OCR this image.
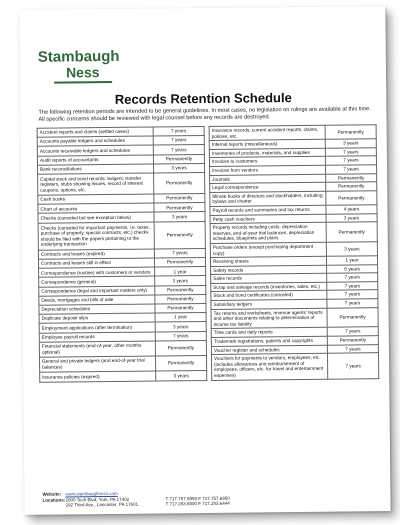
Stambaugh
Ness
Records Retention Schedule
The following retention periods are intended to be general guidelines. In most cases, no legislation on rulings are available at this time. All specific concerns should be reviewed with legal counsel before any records are destroyed.
Accident reports and claims (settled cases)	7 years
Accounts payable ledgers and schedules	7 years
Accounts receivable ledgers and schedules	7 years
Audit reports of accountants	Permanently
Bank reconciliations	3 years
Capital stock and bond records: ledgers, transfer registers, stubs showing issues, record of interest coupons, options, etc.	Permanently
Cash books	Permanently
Chart of accounts	Permanently
Checks (canceled but see exception below)	3 years
Checks (canceled for important payments, i.e. taxes, purchase of property, special contracts, etc.) checks should be filed with the papers pertaining to the underlying transaction	Permanently
Contracts and leases (expired)	7 years
Contracts and leases still in effect	Permanently
Correspondence (routine) with customers or vendors	1 year
Correspondence (general)	3 years
Correspondence (legal and important matters only)	Permanently
Deeds, mortgages and bills of sale	Permanently
Depreciation schedules	Permanently
Duplicate deposit slips	1 year
Employment applications (after termination)	3 years
Employee payroll records	7 years
Financial statements (end-of-year, other months optional)	Permanently
General and private ledgers (and end-of-year trial balances)	Permanently
Insurance policies (expired)	3 years
Insurance records, current accident reports, claims, policies, etc.	Permanently
Internal reports (miscellaneous)	3 years
Inventories of products, materials, and supplies	7 years
Invoices to customers	7 years
Invoices from vendors	7 years
Journals	Permanently
Legal correspondence	Permanently
Minute books of directors and stockholders, including bylaws and charter	Permanently
Payroll records and summaries and tax returns	4 years
Petty cash vouchers	3 years
Property records including costs, depreciation reserves, end-of-year trial balances, depreciation schedules, blueprints and plans	Permanently
Purchase orders (except purchasing department copy)	3 years
Receiving sheets	1 year
Safety records	6 years
Sales records	7 years
Scrap and salvage records (inventories, sales, etc.)	7 years
Stock and bond certificates (canceled)	7 years
Subsidiary ledgers	7 years
Tax returns and worksheets, revenue agents' reports and other documents relating to determination of income tax liability	Permanently
Time cards and daily reports	7 years
Trademark registrations, patents and copyrights	Permanently
Voucher register and schedules	7 years
Vouchers for payments to vendors, employees, etc. (includes allowances and reimbursement of employees, officers, etc. for travel and entertainment expenses)	7 years
Website: www.stambaughness.com
Locations: 2000 Tech Blvd, York, PA 17402	T 717.757.6999 F 717.757.6950
292 Third Ave., Lancaster, PA 17601	T 717.283.6500 F 717.283.6444
